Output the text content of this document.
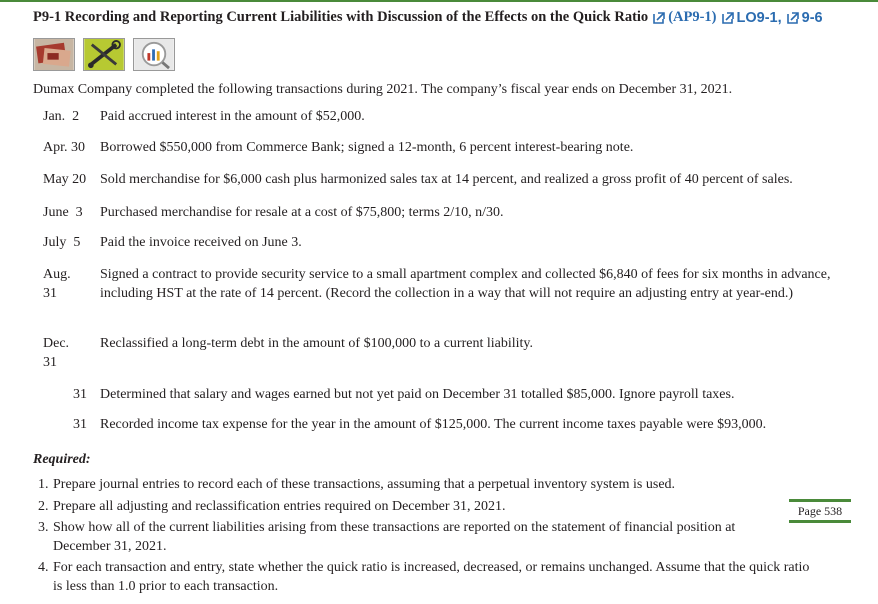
P9-1 Recording and Reporting Current Liabilities with Discussion of the Effects on the Quick Ratio (AP9-1) LO9-1, 9-6
Dumax Company completed the following transactions during 2021. The company’s fiscal year ends on December 31, 2021.
Jan.  2 Paid accrued interest in the amount of $52,000.
Apr. 30 Borrowed $550,000 from Commerce Bank; signed a 12-month, 6 percent interest-bearing note.
May 20 Sold merchandise for $6,000 cash plus harmonized sales tax at 14 percent, and realized a gross profit of 40 percent of sales.
June  3 Purchased merchandise for resale at a cost of $75,800; terms 2/10, n/30.
July  5 Paid the invoice received on June 3.
Aug.
31
Signed a contract to provide security service to a small apartment complex and collected $6,840 of fees for six months in advance, including HST at the rate of 14 percent. (Record the collection in a way that will not require an adjusting entry at year-end.)
Dec.
31
Reclassified a long-term debt in the amount of $100,000 to a current liability.
31 Determined that salary and wages earned but not yet paid on December 31 totalled $85,000. Ignore payroll taxes.
31 Recorded income tax expense for the year in the amount of $125,000. The current income taxes payable were $93,000.
Required:
1. Prepare journal entries to record each of these transactions, assuming that a perpetual inventory system is used.
2. Prepare all adjusting and reclassification entries required on December 31, 2021.	Page 538
3. Show how all of the current liabilities arising from these transactions are reported on the statement of financial position at
December 31, 2021.
4. For each transaction and entry, state whether the quick ratio is increased, decreased, or remains unchanged. Assume that the quick ratio
is less than 1.0 prior to each transaction.
